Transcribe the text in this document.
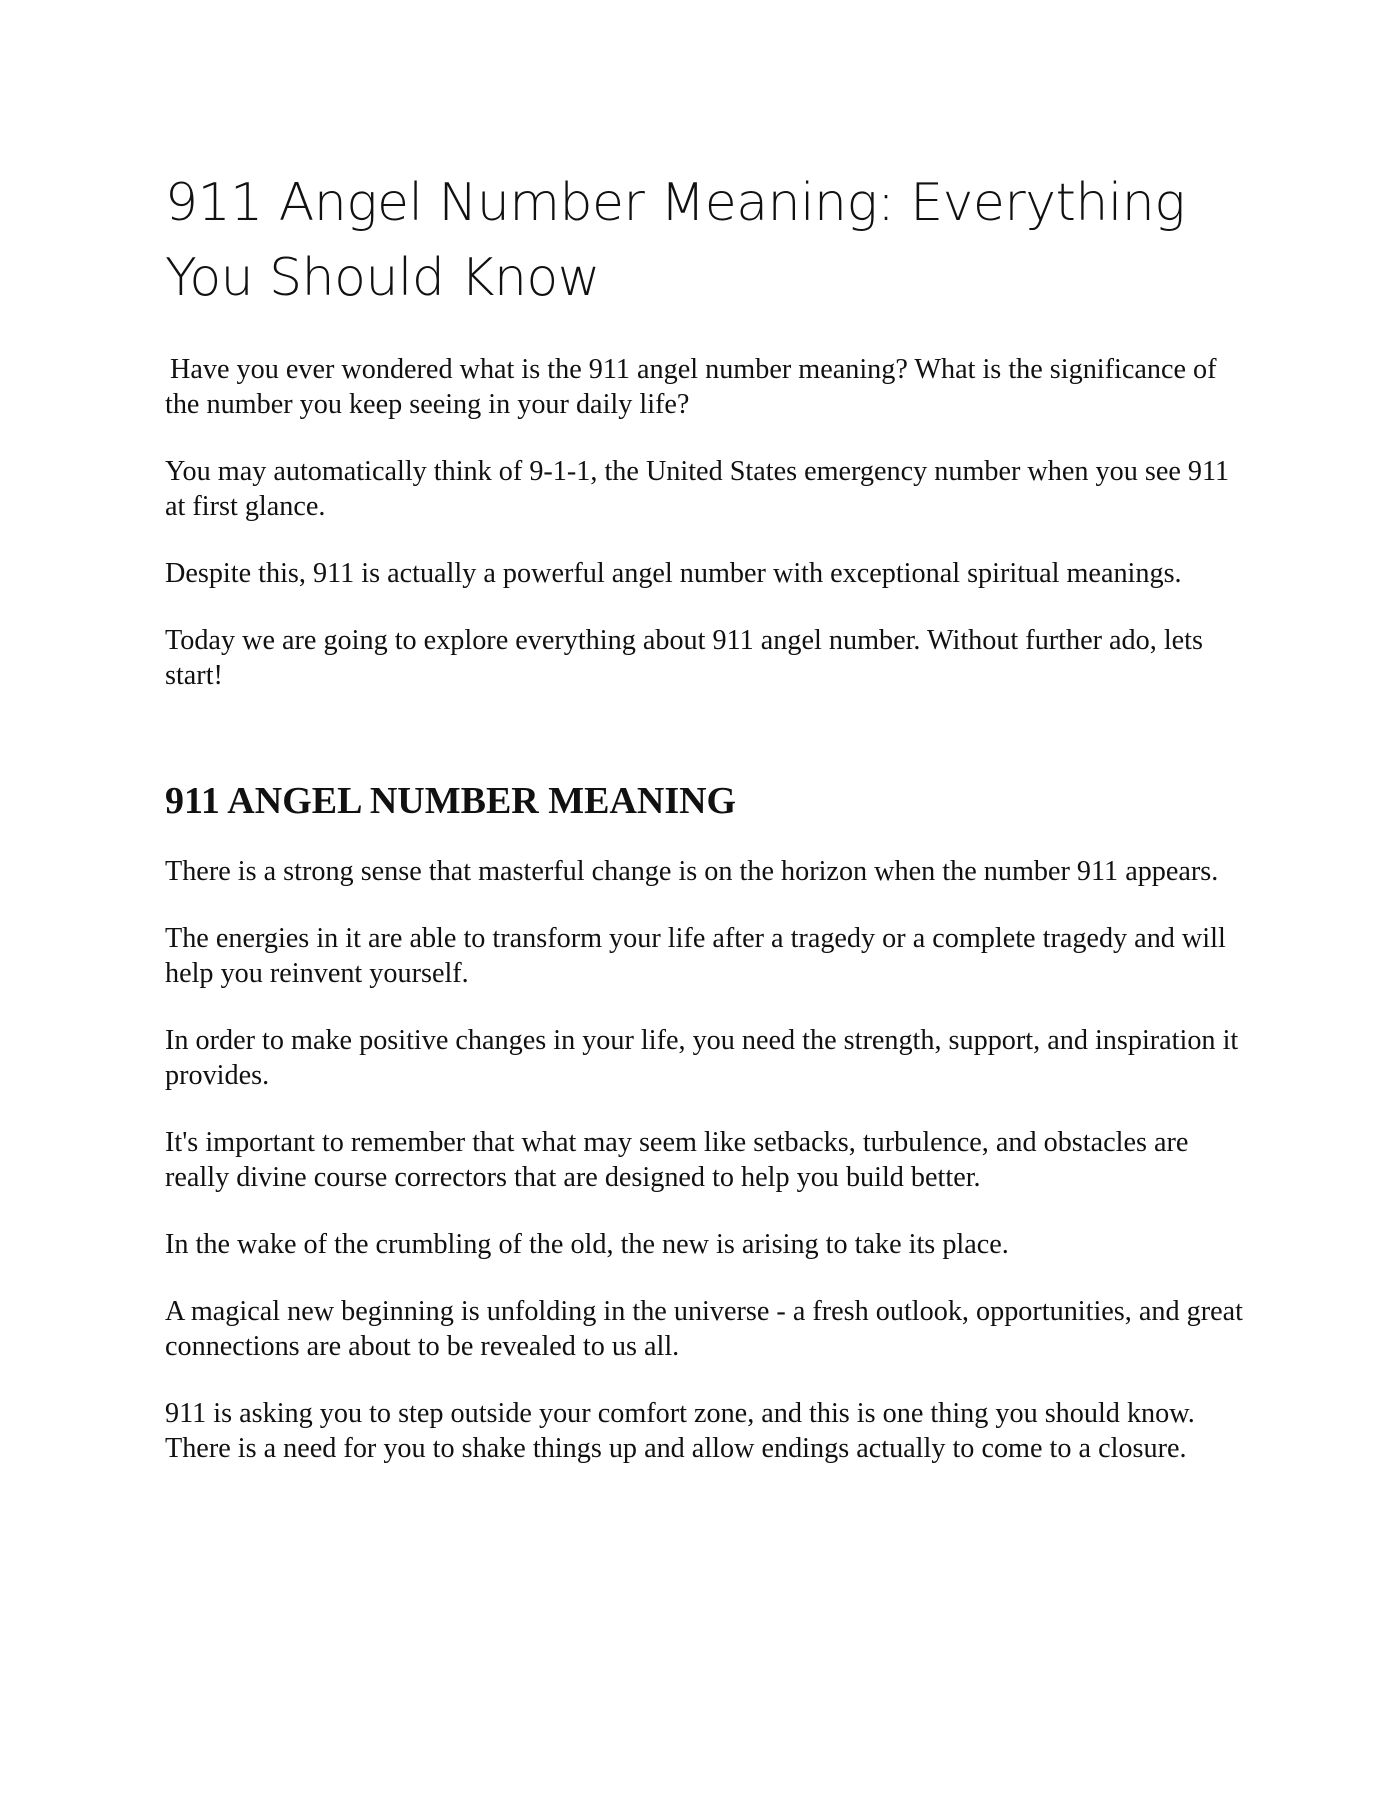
911 Angel Number Meaning: Everything You Should Know

Have you ever wondered what is the 911 angel number meaning? What is the significance of the number you keep seeing in your daily life?

You may automatically think of 9-1-1, the United States emergency number when you see 911 at first glance.

Despite this, 911 is actually a powerful angel number with exceptional spiritual meanings.

Today we are going to explore everything about 911 angel number. Without further ado, lets start!

911 ANGEL NUMBER MEANING

There is a strong sense that masterful change is on the horizon when the number 911 appears.

The energies in it are able to transform your life after a tragedy or a complete tragedy and will help you reinvent yourself.

In order to make positive changes in your life, you need the strength, support, and inspiration it provides.

It's important to remember that what may seem like setbacks, turbulence, and obstacles are really divine course correctors that are designed to help you build better.

In the wake of the crumbling of the old, the new is arising to take its place.

A magical new beginning is unfolding in the universe - a fresh outlook, opportunities, and great connections are about to be revealed to us all.

911 is asking you to step outside your comfort zone, and this is one thing you should know. There is a need for you to shake things up and allow endings actually to come to a closure.
